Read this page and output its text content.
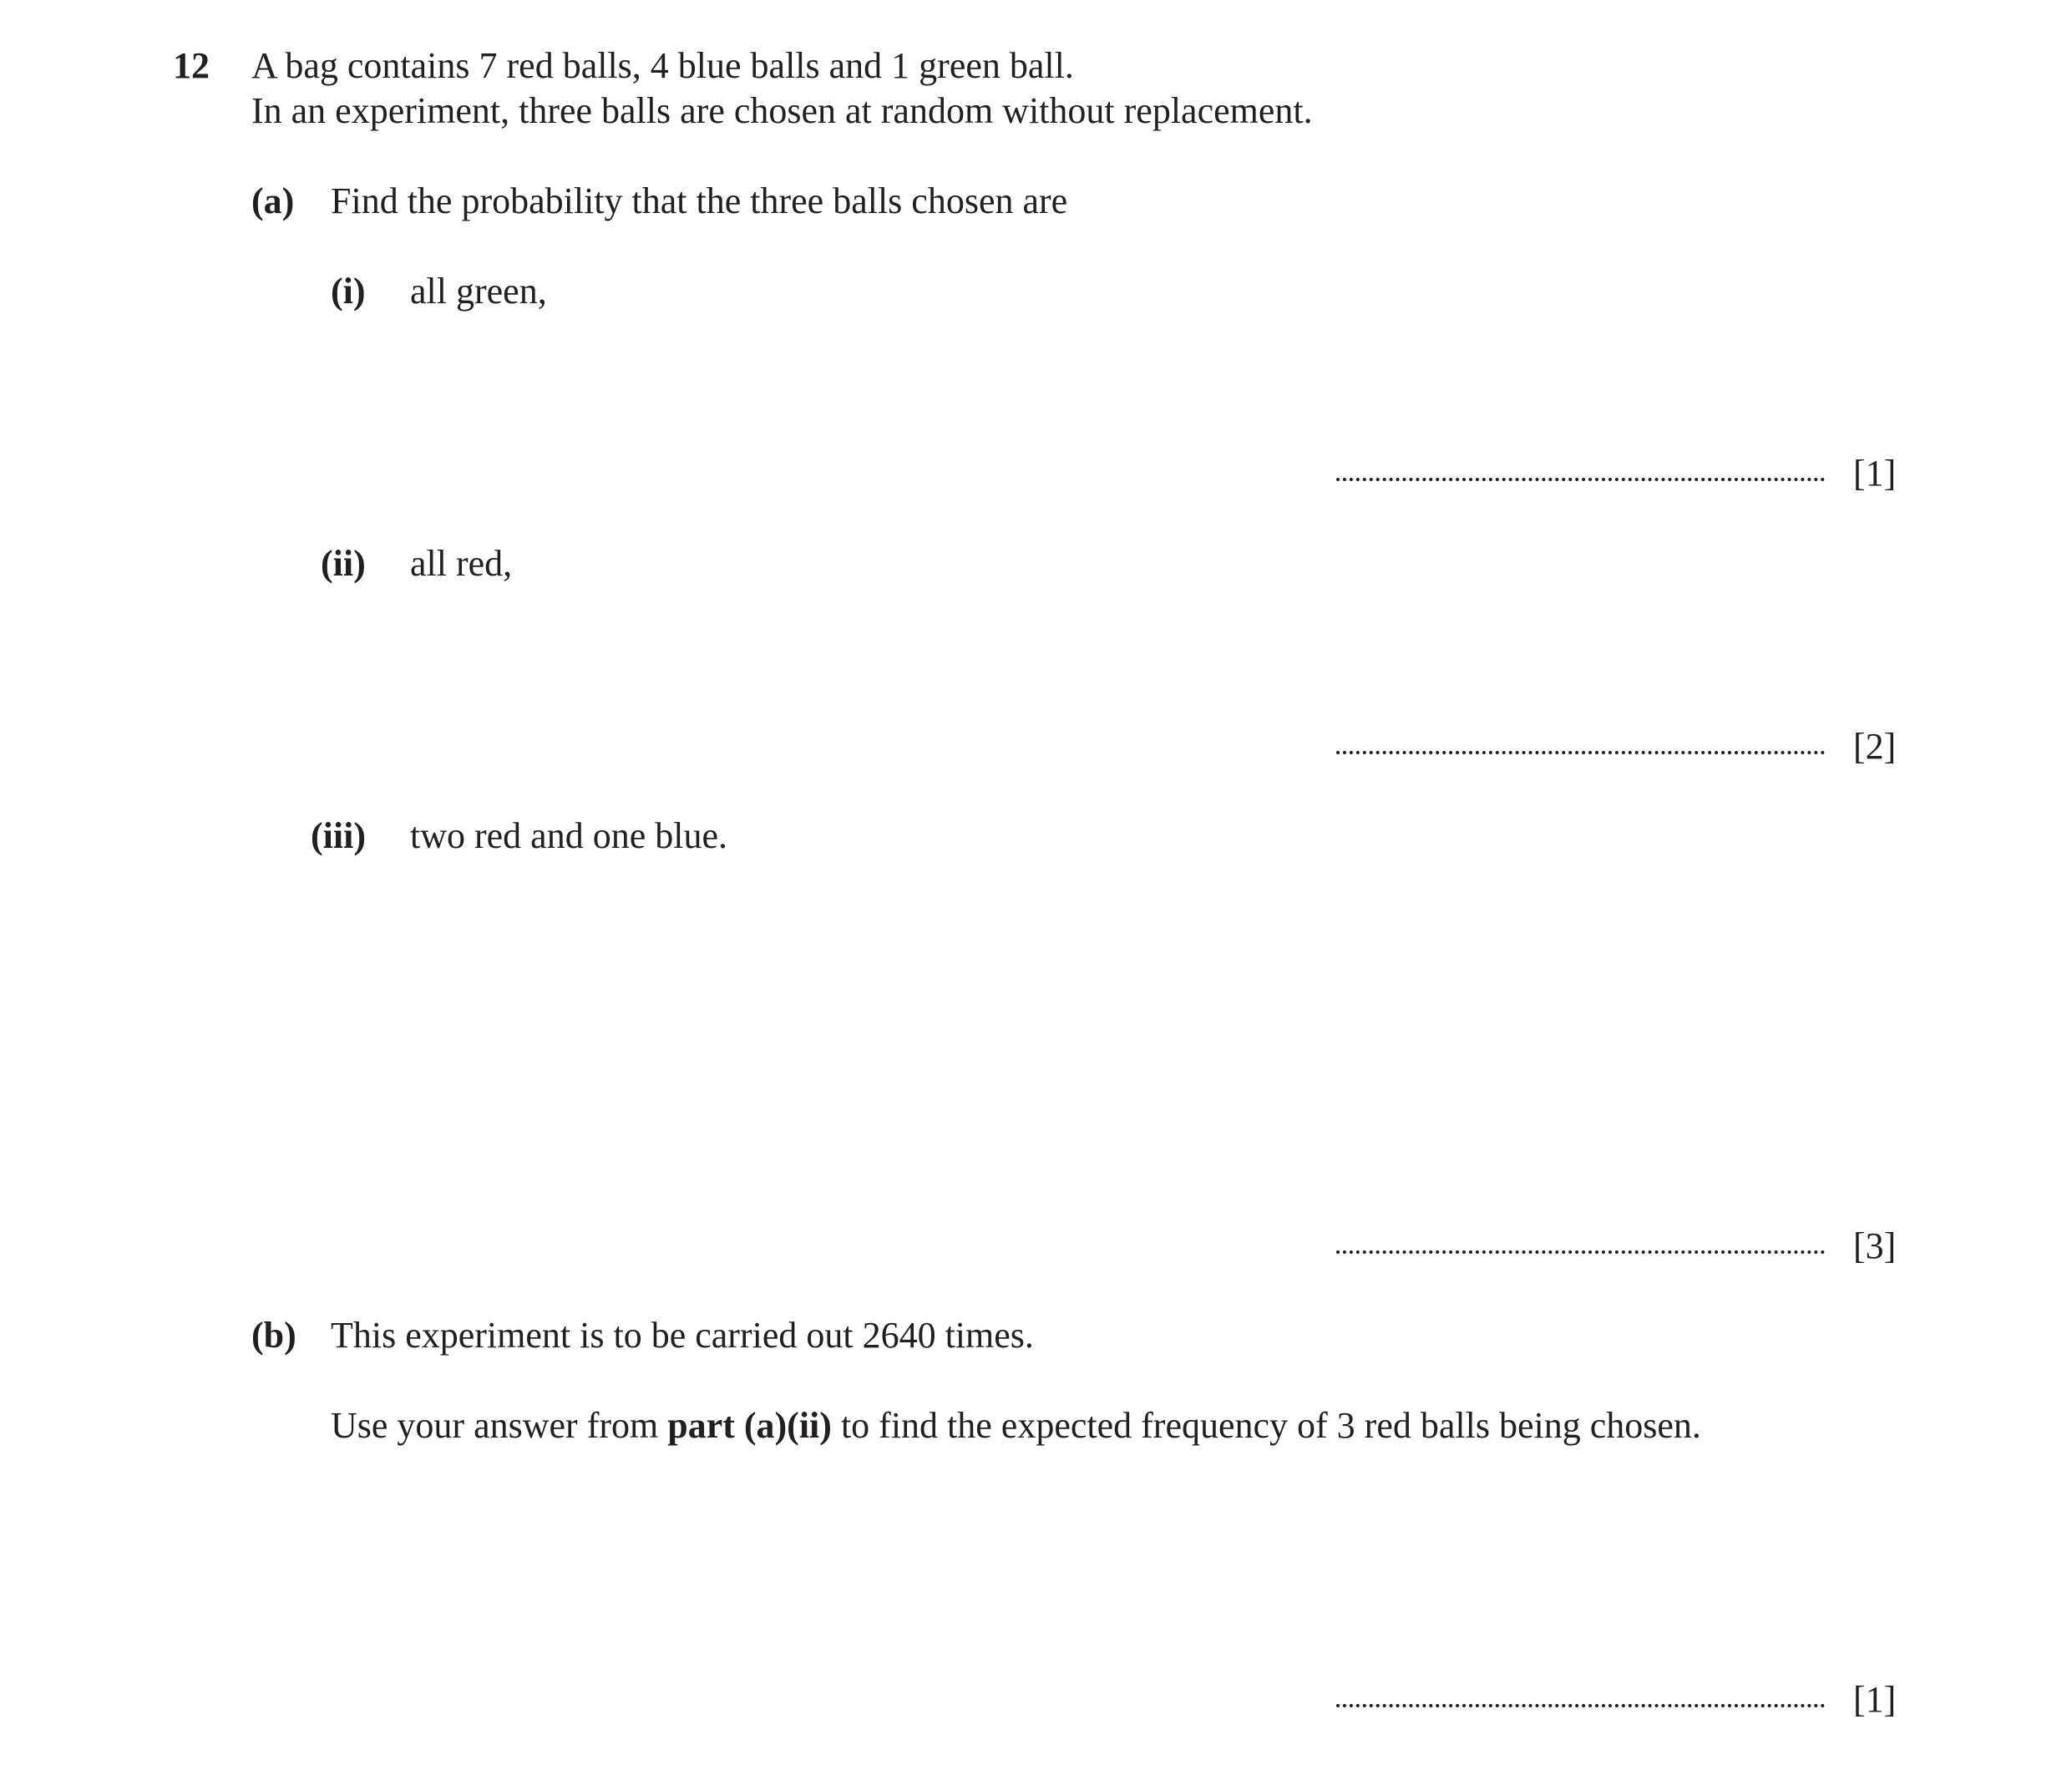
12 A bag contains 7 red balls, 4 blue balls and 1 green ball.
In an experiment, three balls are chosen at random without replacement.
(a) Find the probability that the three balls chosen are
(i) all green,
[1]
(ii) all red,
[2]
(iii) two red and one blue.
[3]
(b) This experiment is to be carried out 2640 times.
Use your answer from part (a)(ii) to find the expected frequency of 3 red balls being chosen.
[1]
